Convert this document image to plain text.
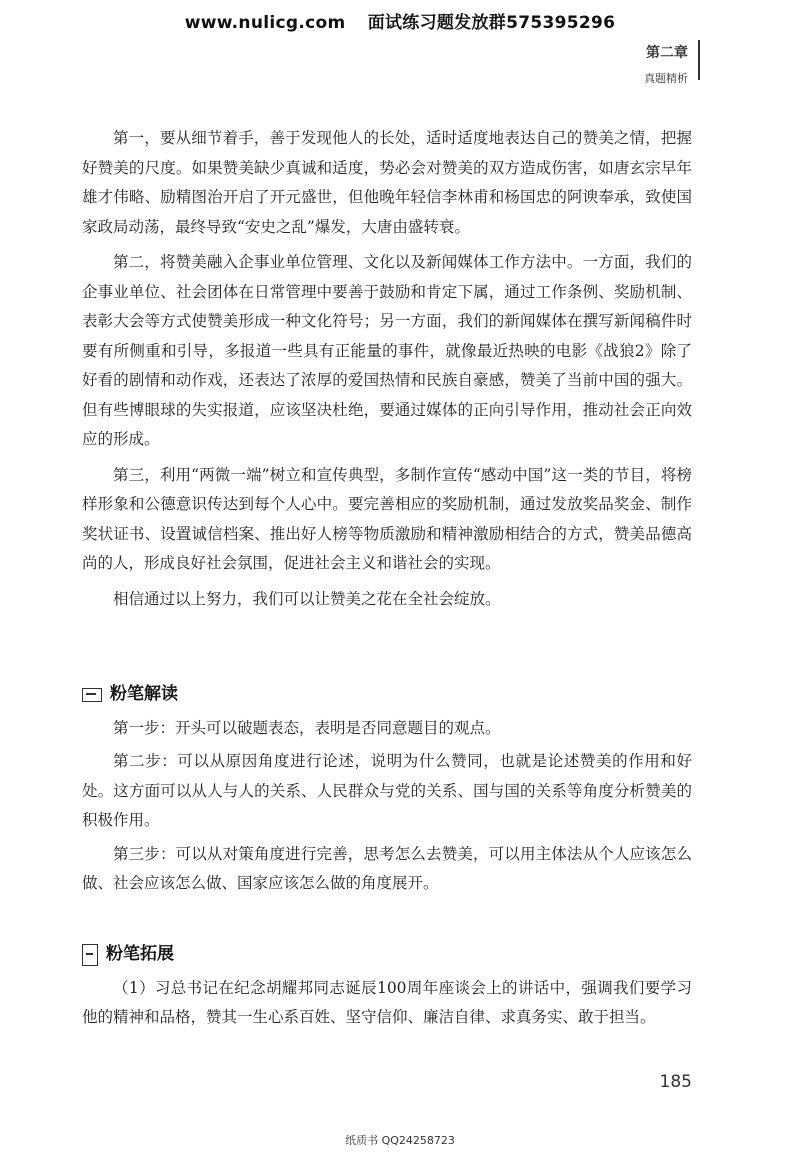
www.nulicg.com 面试练习题发放群575395296
第二章
真题精析

第一，要从细节着手，善于发现他人的长处，适时适度地表达自己的赞美之情，把握好赞美的尺度。如果赞美缺少真诚和适度，势必会对赞美的双方造成伤害，如唐玄宗早年雄才伟略、励精图治开启了开元盛世，但他晚年轻信李林甫和杨国忠的阿谀奉承，致使国家政局动荡，最终导致“安史之乱”爆发，大唐由盛转衰。

第二，将赞美融入企事业单位管理、文化以及新闻媒体工作方法中。一方面，我们的企事业单位、社会团体在日常管理中要善于鼓励和肯定下属，通过工作条例、奖励机制、表彰大会等方式使赞美形成一种文化符号；另一方面，我们的新闻媒体在撰写新闻稿件时要有所侧重和引导，多报道一些具有正能量的事件，就像最近热映的电影《战狼2》除了好看的剧情和动作戏，还表达了浓厚的爱国热情和民族自豪感，赞美了当前中国的强大。但有些博眼球的失实报道，应该坚决杜绝，要通过媒体的正向引导作用，推动社会正向效应的形成。

第三，利用“两微一端”树立和宣传典型，多制作宣传“感动中国”这一类的节目，将榜样形象和公德意识传达到每个人心中。要完善相应的奖励机制，通过发放奖品奖金、制作奖状证书、设置诚信档案、推出好人榜等物质激励和精神激励相结合的方式，赞美品德高尚的人，形成良好社会氛围，促进社会主义和谐社会的实现。

相信通过以上努力，我们可以让赞美之花在全社会绽放。

粉笔解读

第一步：开头可以破题表态，表明是否同意题目的观点。

第二步：可以从原因角度进行论述，说明为什么赞同，也就是论述赞美的作用和好处。这方面可以从人与人的关系、人民群众与党的关系、国与国的关系等角度分析赞美的积极作用。

第三步：可以从对策角度进行完善，思考怎么去赞美，可以用主体法从个人应该怎么做、社会应该怎么做、国家应该怎么做的角度展开。

粉笔拓展

（1）习总书记在纪念胡耀邦同志诞辰100周年座谈会上的讲话中，强调我们要学习他的精神和品格，赞其一生心系百姓、坚守信仰、廉洁自律、求真务实、敢于担当。

185
纸质书 QQ24258723
